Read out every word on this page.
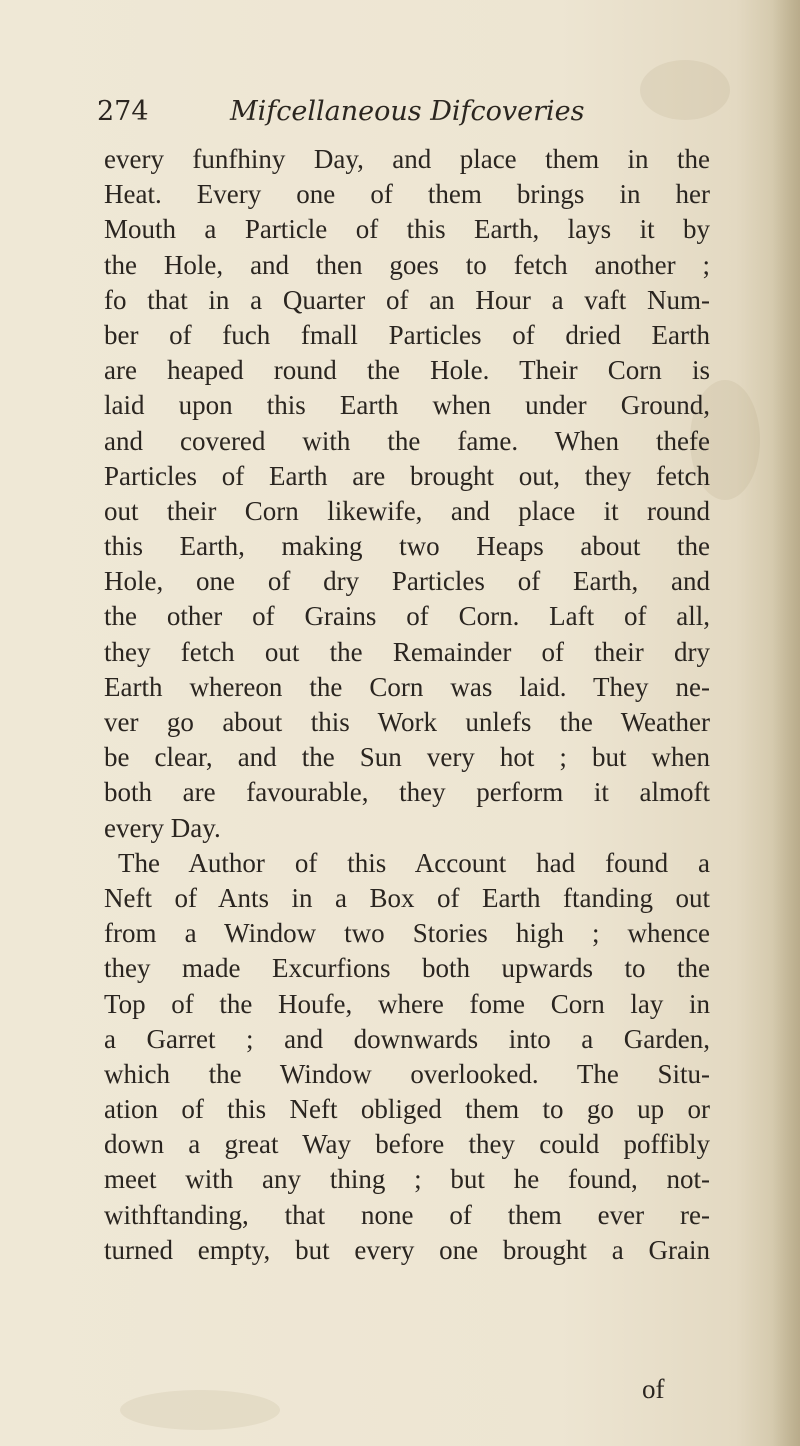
274	Mifcellaneous Difcoveries
every funfhiny Day, and place them in the
Heat. Every one of them brings in her
Mouth a Particle of this Earth, lays it by
the Hole, and then goes to fetch another ;
fo that in a Quarter of an Hour a vaft Num-
ber of fuch fmall Particles of dried Earth
are heaped round the Hole. Their Corn is
laid upon this Earth when under Ground,
and covered with the fame. When thefe
Particles of Earth are brought out, they fetch
out their Corn likewife, and place it round
this Earth, making two Heaps about the
Hole, one of dry Particles of Earth, and
the other of Grains of Corn. Laft of all,
they fetch out the Remainder of their dry
Earth whereon the Corn was laid. They ne-
ver go about this Work unlefs the Weather
be clear, and the Sun very hot ; but when
both are favourable, they perform it almoft
every Day.
The Author of this Account had found a
Neft of Ants in a Box of Earth ftanding out
from a Window two Stories high ; whence
they made Excurfions both upwards to the
Top of the Houfe, where fome Corn lay in
a Garret ; and downwards into a Garden,
which the Window overlooked. The Situ-
ation of this Neft obliged them to go up or
down a great Way before they could poffibly
meet with any thing ; but he found, not-
withftanding, that none of them ever re-
turned empty, but every one brought a Grain
of
